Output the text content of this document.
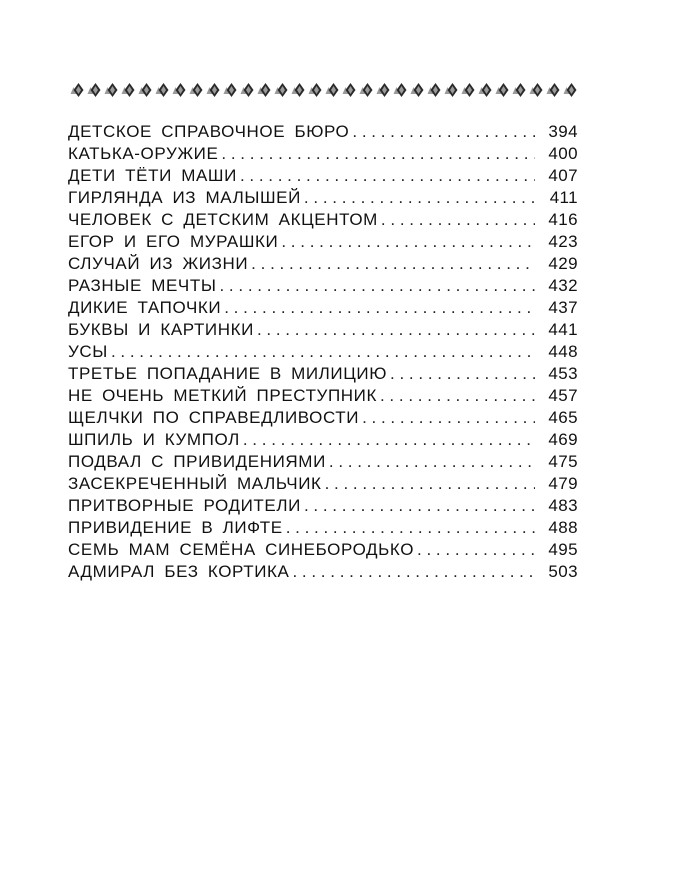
ДЕТСКОЕ СПРАВОЧНОЕ БЮРО . . .	394
КАТЬКА-ОРУЖИЕ . . .	400
ДЕТИ ТЁТИ МАШИ . . .	407
ГИРЛЯНДА ИЗ МАЛЫШЕЙ . . .	411
ЧЕЛОВЕК С ДЕТСКИМ АКЦЕНТОМ . . .	416
ЕГОР И ЕГО МУРАШКИ . . .	423
СЛУЧАЙ ИЗ ЖИЗНИ . . .	429
РАЗНЫЕ МЕЧТЫ . . .	432
ДИКИЕ ТАПОЧКИ . . .	437
БУКВЫ И КАРТИНКИ . . .	441
УСЫ . . .	448
ТРЕТЬЕ ПОПАДАНИЕ В МИЛИЦИЮ . . .	453
НЕ ОЧЕНЬ МЕТКИЙ ПРЕСТУПНИК . . .	457
ЩЕЛЧКИ ПО СПРАВЕДЛИВОСТИ . . .	465
ШПИЛЬ И КУМПОЛ . . .	469
ПОДВАЛ С ПРИВИДЕНИЯМИ . . .	475
ЗАСЕКРЕЧЕННЫЙ МАЛЬЧИК . . .	479
ПРИТВОРНЫЕ РОДИТЕЛИ . . .	483
ПРИВИДЕНИЕ В ЛИФТЕ . . .	488
СЕМЬ МАМ СЕМЁНА СИНЕБОРОДЬКО . . .	495
АДМИРАЛ БЕЗ КОРТИКА . . .	503
